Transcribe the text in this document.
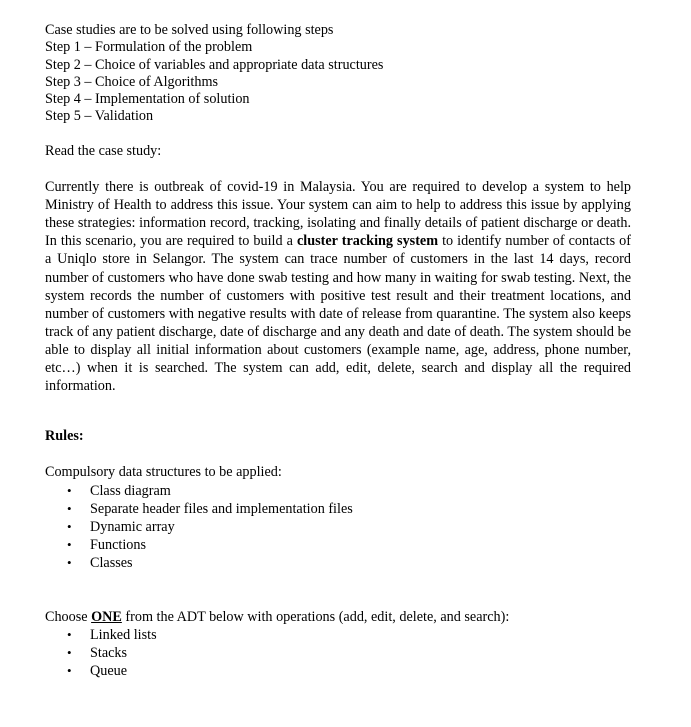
Case studies are to be solved using following steps
Step 1 – Formulation of the problem
Step 2 – Choice of variables and appropriate data structures
Step 3 – Choice of Algorithms
Step 4 – Implementation of solution
Step 5 – Validation
Read the case study:
Currently there is outbreak of covid-19 in Malaysia. You are required to develop a system to help Ministry of Health to address this issue. Your system can aim to help to address this issue by applying these strategies: information record, tracking, isolating and finally details of patient discharge or death. In this scenario, you are required to build a cluster tracking system to identify number of contacts of a Uniqlo store in Selangor. The system can trace number of customers in the last 14 days, record number of customers who have done swab testing and how many in waiting for swab testing. Next, the system records the number of customers with positive test result and their treatment locations, and number of customers with negative results with date of release from quarantine. The system also keeps track of any patient discharge, date of discharge and any death and date of death. The system should be able to display all initial information about customers (example name, age, address, phone number, etc…) when it is searched. The system can add, edit, delete, search and display all the required information.
Rules:
Compulsory data structures to be applied:
• Class diagram
• Separate header files and implementation files
• Dynamic array
• Functions
• Classes
Choose ONE from the ADT below with operations (add, edit, delete, and search):
• Linked lists
• Stacks
• Queue
